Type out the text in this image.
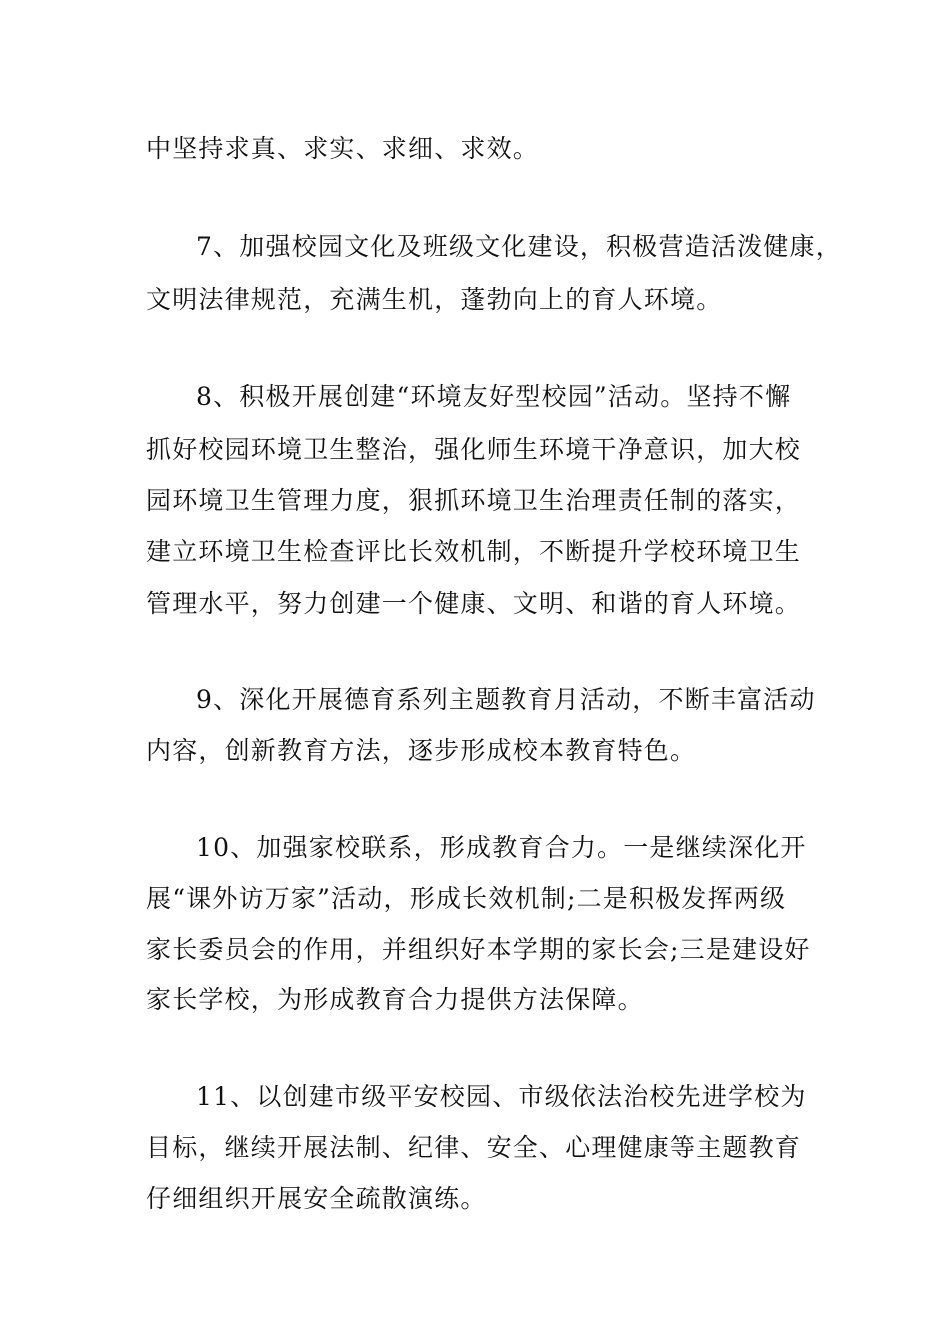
中坚持求真、求实、求细、求效。
7、加强校园文化及班级文化建设，积极营造活泼健康，
文明法律规范，充满生机，蓬勃向上的育人环境。
8、积极开展创建“环境友好型校园”活动。坚持不懈
抓好校园环境卫生整治，强化师生环境干净意识，加大校
园环境卫生管理力度，狠抓环境卫生治理责任制的落实，
建立环境卫生检查评比长效机制，不断提升学校环境卫生
管理水平，努力创建一个健康、文明、和谐的育人环境。
9、深化开展德育系列主题教育月活动，不断丰富活动
内容，创新教育方法，逐步形成校本教育特色。
10、加强家校联系，形成教育合力。一是继续深化开
展“课外访万家”活动，形成长效机制;二是积极发挥两级
家长委员会的作用，并组织好本学期的家长会;三是建设好
家长学校，为形成教育合力提供方法保障。
11、以创建市级平安校园、市级依法治校先进学校为
目标，继续开展法制、纪律、安全、心理健康等主题教育
仔细组织开展安全疏散演练。
